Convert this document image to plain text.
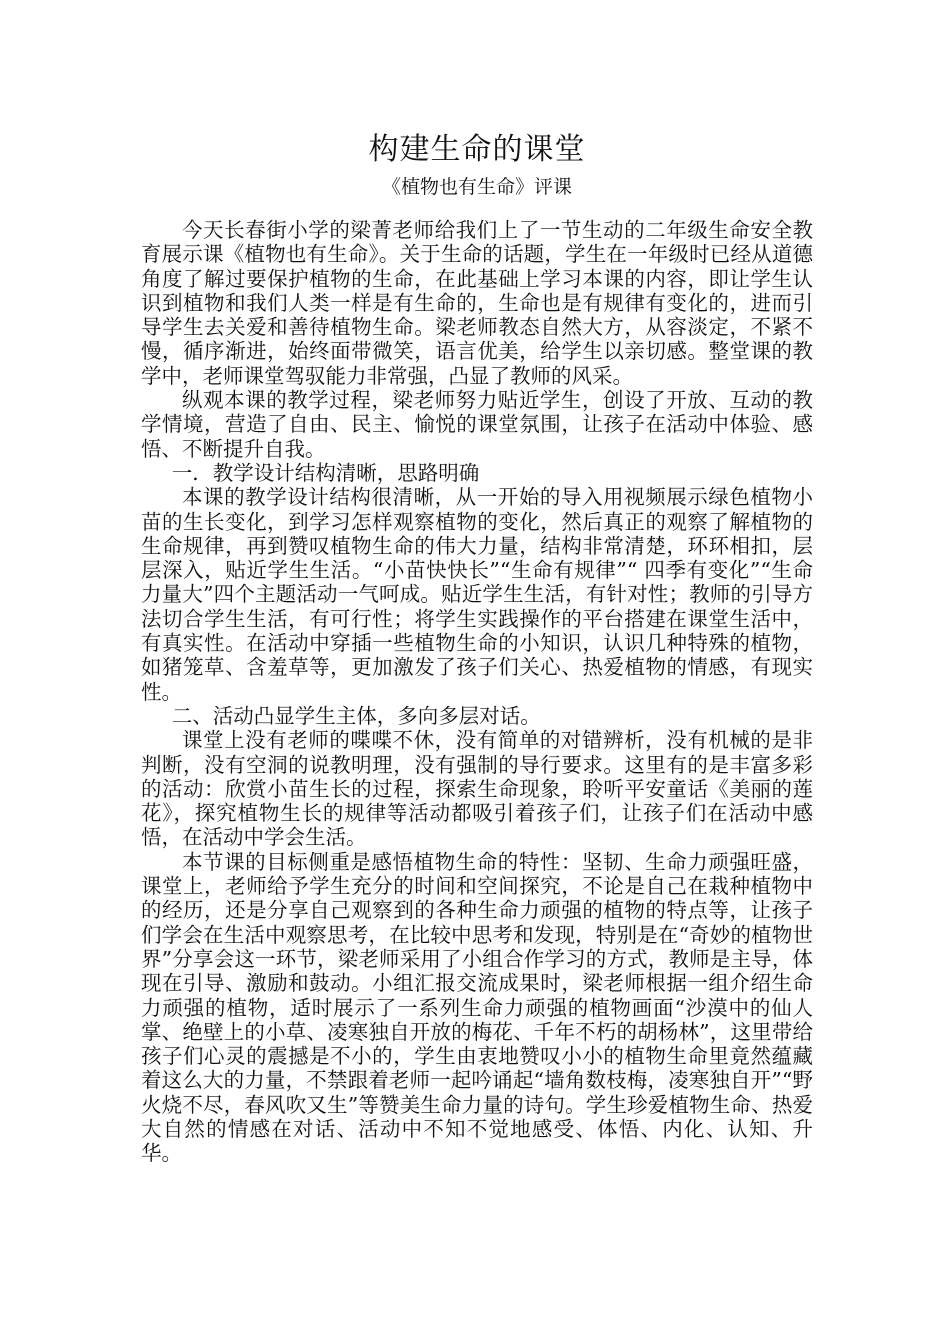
构建生命的课堂
《植物也有生命》评课

今天长春街小学的梁菁老师给我们上了一节生动的二年级生命安全教育展示课《植物也有生命》。关于生命的话题，学生在一年级时已经从道德角度了解过要保护植物的生命，在此基础上学习本课的内容，即让学生认识到植物和我们人类一样是有生命的，生命也是有规律有变化的，进而引导学生去关爱和善待植物生命。梁老师教态自然大方，从容淡定，不紧不慢，循序渐进，始终面带微笑，语言优美，给学生以亲切感。整堂课的教学中，老师课堂驾驭能力非常强，凸显了教师的风采。

纵观本课的教学过程，梁老师努力贴近学生，创设了开放、互动的教学情境，营造了自由、民主、愉悦的课堂氛围，让孩子在活动中体验、感悟、不断提升自我。

一．教学设计结构清晰，思路明确

本课的教学设计结构很清晰，从一开始的导入用视频展示绿色植物小苗的生长变化，到学习怎样观察植物的变化，然后真正的观察了解植物的生命规律，再到赞叹植物生命的伟大力量，结构非常清楚，环环相扣，层层深入，贴近学生生活。“小苗快快长”“生命有规律”“ 四季有变化”“生命力量大”四个主题活动一气呵成。贴近学生生活，有针对性；教师的引导方法切合学生生活，有可行性；将学生实践操作的平台搭建在课堂生活中，有真实性。在活动中穿插一些植物生命的小知识，认识几种特殊的植物，如猪笼草、含羞草等，更加激发了孩子们关心、热爱植物的情感，有现实性。

二、活动凸显学生主体，多向多层对话。

课堂上没有老师的喋喋不休，没有简单的对错辨析，没有机械的是非判断，没有空洞的说教明理，没有强制的导行要求。这里有的是丰富多彩的活动：欣赏小苗生长的过程，探索生命现象，聆听平安童话《美丽的莲花》，探究植物生长的规律等活动都吸引着孩子们，让孩子们在活动中感悟，在活动中学会生活。

本节课的目标侧重是感悟植物生命的特性：坚韧、生命力顽强旺盛，课堂上，老师给予学生充分的时间和空间探究，不论是自己在栽种植物中的经历，还是分享自己观察到的各种生命力顽强的植物的特点等，让孩子们学会在生活中观察思考，在比较中思考和发现，特别是在“奇妙的植物世界”分享会这一环节，梁老师采用了小组合作学习的方式，教师是主导，体现在引导、激励和鼓动。小组汇报交流成果时，梁老师根据一组介绍生命力顽强的植物，适时展示了一系列生命力顽强的植物画面“沙漠中的仙人掌、绝壁上的小草、凌寒独自开放的梅花、千年不朽的胡杨林”，这里带给孩子们心灵的震撼是不小的，学生由衷地赞叹小小的植物生命里竟然蕴藏着这么大的力量，不禁跟着老师一起吟诵起“墙角数枝梅，凌寒独自开”“野火烧不尽，春风吹又生”等赞美生命力量的诗句。学生珍爱植物生命、热爱大自然的情感在对话、活动中不知不觉地感受、体悟、内化、认知、升华。
